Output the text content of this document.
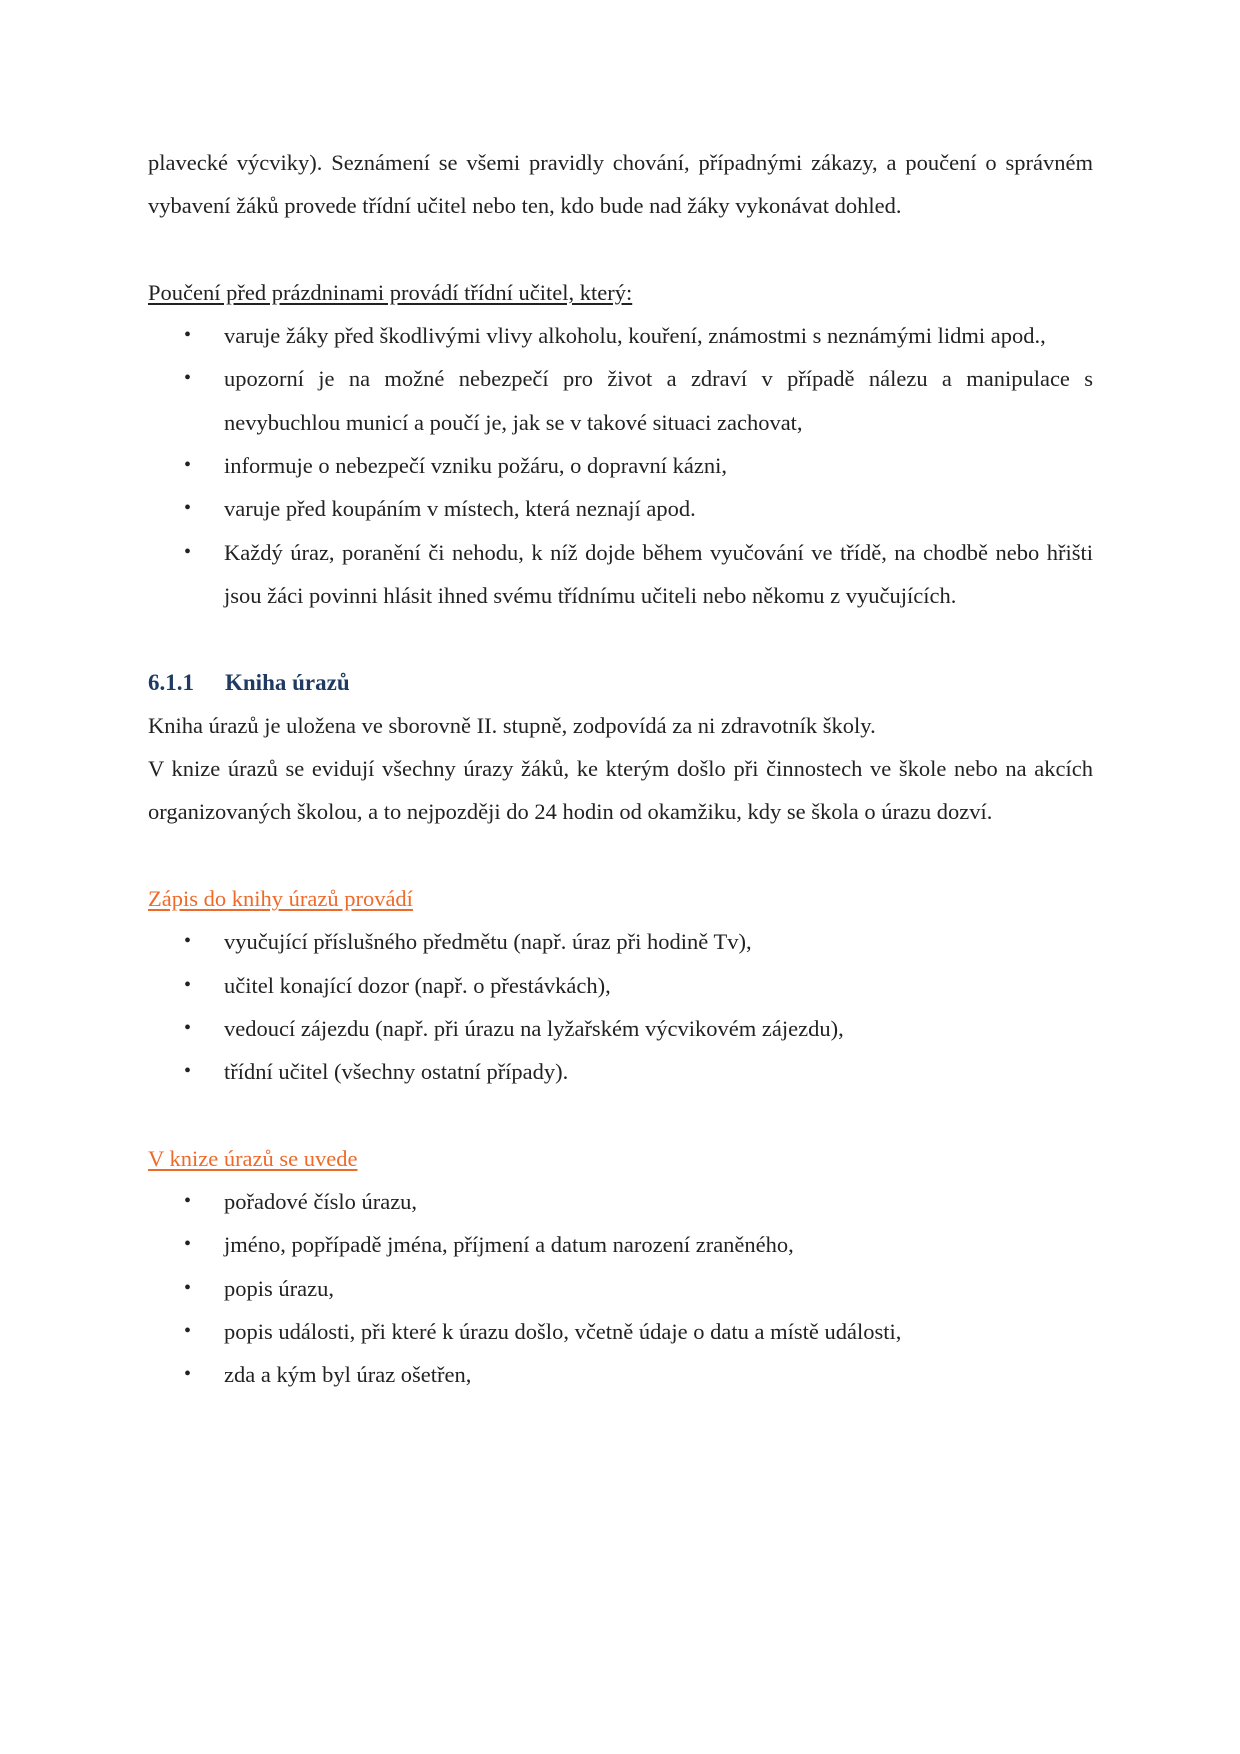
plavecké výcviky). Seznámení se všemi pravidly chování, případnými zákazy, a poučení o správném vybavení žáků provede třídní učitel nebo ten, kdo bude nad žáky vykonávat dohled.

Poučení před prázdninami provádí třídní učitel, který:

• varuje žáky před škodlivými vlivy alkoholu, kouření, známostmi s neznámými lidmi apod.,
• upozorní je na možné nebezpečí pro život a zdraví v případě nálezu a manipulace s nevybuchlou municí a poučí je, jak se v takové situaci zachovat,
• informuje o nebezpečí vzniku požáru, o dopravní kázni,
• varuje před koupáním v místech, která neznají apod.
• Každý úraz, poranění či nehodu, k níž dojde během vyučování ve třídě, na chodbě nebo hřišti jsou žáci povinni hlásit ihned svému třídnímu učiteli nebo někomu z vyučujících.

6.1.1 Kniha úrazů

Kniha úrazů je uložena ve sborovně II. stupně, zodpovídá za ni zdravotník školy.

V knize úrazů se evidují všechny úrazy žáků, ke kterým došlo při činnostech ve škole nebo na akcích organizovaných školou, a to nejpozději do 24 hodin od okamžiku, kdy se škola o úrazu dozví.

Zápis do knihy úrazů provádí

• vyučující příslušného předmětu (např. úraz při hodině Tv),
• učitel konající dozor (např. o přestávkách),
• vedoucí zájezdu (např. při úrazu na lyžařském výcvikovém zájezdu),
• třídní učitel (všechny ostatní případy).

V knize úrazů se uvede

• pořadové číslo úrazu,
• jméno, popřípadě jména, příjmení a datum narození zraněného,
• popis úrazu,
• popis události, při které k úrazu došlo, včetně údaje o datu a místě události,
• zda a kým byl úraz ošetřen,
